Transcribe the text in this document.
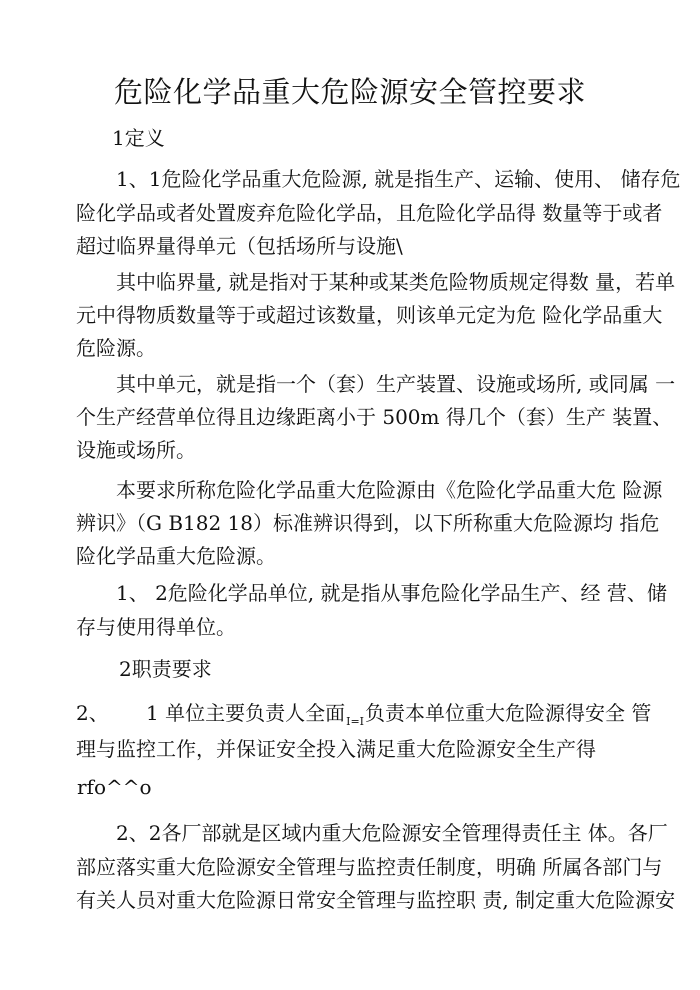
危险化学品重大危险源安全管控要求
1定义
1、1危险化学品重大危险源, 就是指生产、运输、使用、 储存危
险化学品或者处置废弃危险化学品，且危险化学品得 数量等于或者
超过临界量得单元（包括场所与设施\
其中临界量, 就是指对于某种或某类危险物质规定得数 量，若单
元中得物质数量等于或超过该数量，则该单元定为危 险化学品重大
危险源。
其中单元，就是指一个（套）生产装置、设施或场所, 或同属 一
个生产经营单位得且边缘距离小于 500m 得几个（套）生产 装置、
设施或场所。
本要求所称危险化学品重大危险源由《危险化学品重大危 险源
辨识》（G B182 18）标准辨识得到，以下所称重大危险源均 指危
险化学品重大危险源。
1、 2危险化学品单位, 就是指从事危险化学品生产、经 营、储
存与使用得单位。
2职责要求
2、 1 单位主要负责人全面$_{I=I}$负责本单位重大危险源得安全 管
理与监控工作，并保证安全投入满足重大危险源安全生产得
rfo^^o
2、2各厂部就是区域内重大危险源安全管理得责任主 体。各厂
部应落实重大危险源安全管理与监控责任制度，明确 所属各部门与
有关人员对重大危险源日常安全管理与监控职 责, 制定重大危险源安
